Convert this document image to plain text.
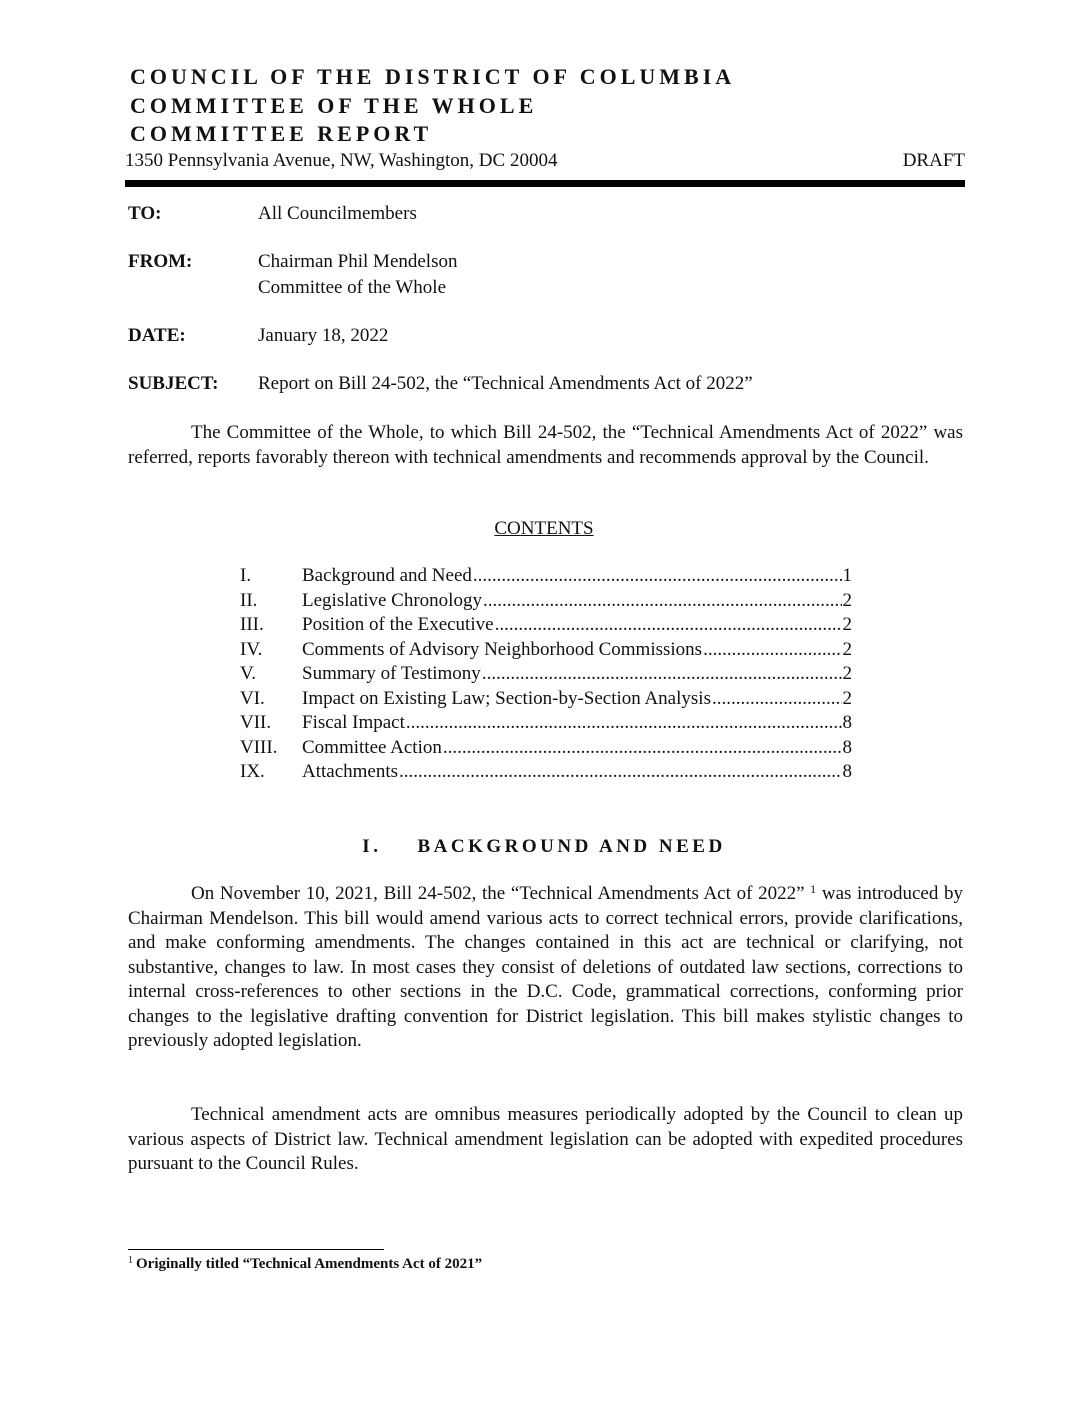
COUNCIL OF THE DISTRICT OF COLUMBIA
COMMITTEE OF THE WHOLE
COMMITTEE REPORT
1350 Pennsylvania Avenue, NW, Washington, DC 20004	DRAFT
TO:	All Councilmembers
FROM:	Chairman Phil Mendelson
Committee of the Whole
DATE:	January 18, 2022
SUBJECT: Report on Bill 24-502, the “Technical Amendments Act of 2022”

The Committee of the Whole, to which Bill 24-502, the “Technical Amendments Act of 2022” was referred, reports favorably thereon with technical amendments and recommends approval by the Council.

CONTENTS
I.	Background and Need .....	1
II.	Legislative Chronology .....	2
III.	Position of the Executive .....	2
IV.	Comments of Advisory Neighborhood Commissions .....	2
V.	Summary of Testimony .....	2
VI.	Impact on Existing Law; Section-by-Section Analysis .....	2
VII.	Fiscal Impact .....	8
VIII.	Committee Action .....	8
IX.	Attachments .....	8
I. BACKGROUND AND NEED

On November 10, 2021, Bill 24-502, the “Technical Amendments Act of 2022” $^1$ was introduced by Chairman Mendelson. This bill would amend various acts to correct technical errors, provide clarifications, and make conforming amendments. The changes contained in this act are technical or clarifying, not substantive, changes to law. In most cases they consist of deletions of outdated law sections, corrections to internal cross-references to other sections in the D.C. Code, grammatical corrections, conforming prior changes to the legislative drafting convention for District legislation. This bill makes stylistic changes to previously adopted legislation.

Technical amendment acts are omnibus measures periodically adopted by the Council to clean up various aspects of District law. Technical amendment legislation can be adopted with expedited procedures pursuant to the Council Rules.

$^1$ Originally titled “Technical Amendments Act of 2021”
